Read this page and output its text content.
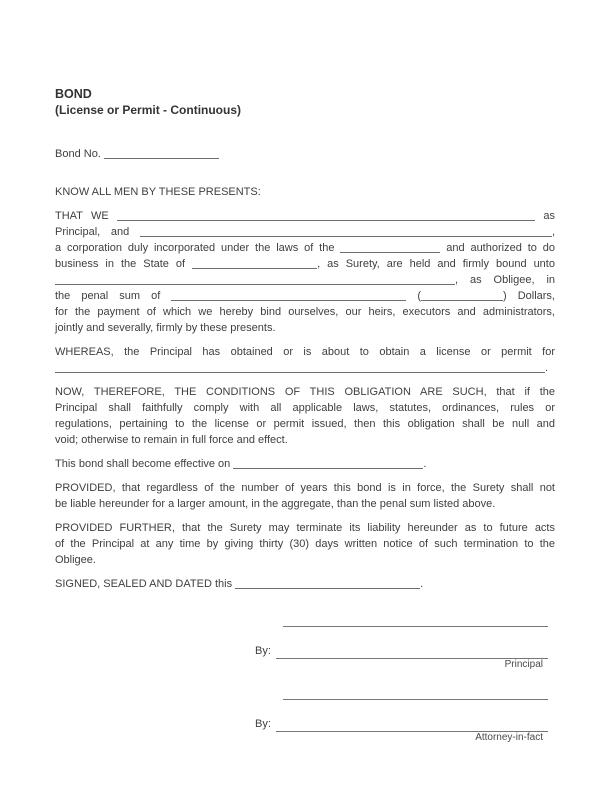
BOND
(License or Permit - Continuous)
Bond No.
KNOW ALL MEN BY THESE PRESENTS:
THAT WE	as
Principal, and	,
a corporation duly incorporated under the laws of the	and authorized to do
business in the State of	, as Surety, are held and firmly bound unto
, as Obligee, in
the penal sum of	(	) Dollars,
for the payment of which we hereby bind ourselves, our heirs, executors and administrators,
jointly and severally, firmly by these presents.
WHEREAS, the Principal has obtained or is about to obtain a license or permit for
.
NOW, THEREFORE, THE CONDITIONS OF THIS OBLIGATION ARE SUCH, that if the
Principal shall faithfully comply with all applicable laws, statutes, ordinances, rules or
regulations, pertaining to the license or permit issued, then this obligation shall be null and
void; otherwise to remain in full force and effect.
This bond shall become effective on	.
PROVIDED, that regardless of the number of years this bond is in force, the Surety shall not
be liable hereunder for a larger amount, in the aggregate, than the penal sum listed above.
PROVIDED FURTHER, that the Surety may terminate its liability hereunder as to future acts
of the Principal at any time by giving thirty (30) days written notice of such termination to the
Obligee.
SIGNED, SEALED AND DATED this	.
By:
Principal
By:
Attorney-in-fact
